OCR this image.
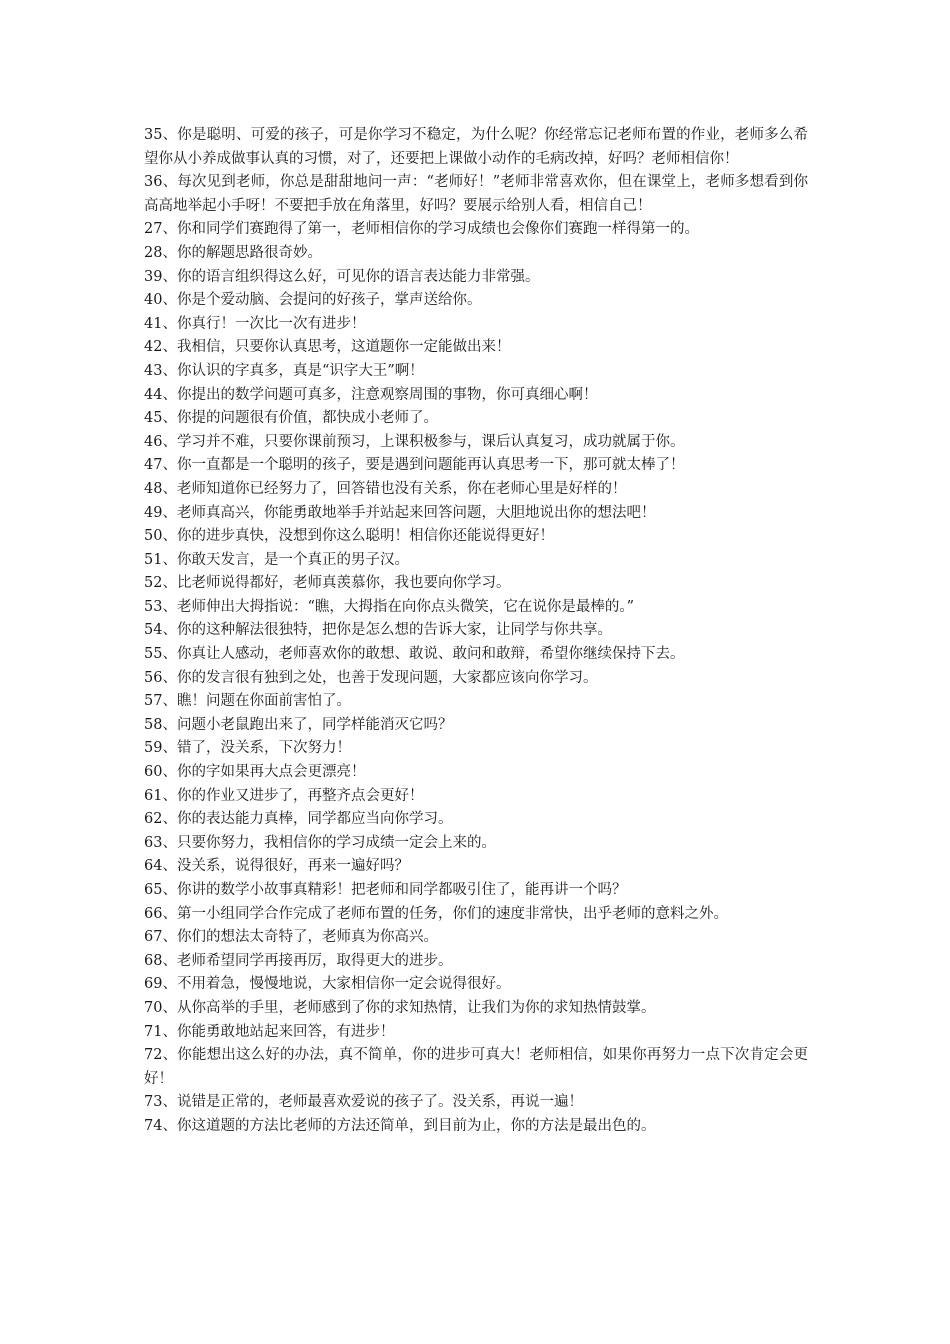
35、你是聪明、可爱的孩子，可是你学习不稳定，为什么呢？你经常忘记老师布置的作业，老师多么希望你从小养成做事认真的习惯，对了，还要把上课做小动作的毛病改掉，好吗？老师相信你！

36、每次见到老师，你总是甜甜地问一声：“老师好！”老师非常喜欢你，但在课堂上，老师多想看到你高高地举起小手呀！不要把手放在角落里，好吗？要展示给别人看，相信自己！

27、你和同学们赛跑得了第一，老师相信你的学习成绩也会像你们赛跑一样得第一的。

28、你的解题思路很奇妙。

39、你的语言组织得这么好，可见你的语言表达能力非常强。

40、你是个爱动脑、会提问的好孩子，掌声送给你。

41、你真行！一次比一次有进步！

42、我相信，只要你认真思考，这道题你一定能做出来！

43、你认识的字真多，真是“识字大王”啊！

44、你提出的数学问题可真多，注意观察周围的事物，你可真细心啊！

45、你提的问题很有价值，都快成小老师了。

46、学习并不难，只要你课前预习，上课积极参与，课后认真复习，成功就属于你。

47、你一直都是一个聪明的孩子，要是遇到问题能再认真思考一下，那可就太棒了！

48、老师知道你已经努力了，回答错也没有关系，你在老师心里是好样的！

49、老师真高兴，你能勇敢地举手并站起来回答问题，大胆地说出你的想法吧！

50、你的进步真快，没想到你这么聪明！相信你还能说得更好！

51、你敢天发言，是一个真正的男子汉。

52、比老师说得都好，老师真羡慕你，我也要向你学习。

53、老师伸出大拇指说：“瞧，大拇指在向你点头微笑，它在说你是最棒的。”

54、你的这种解法很独特，把你是怎么想的告诉大家，让同学与你共享。

55、你真让人感动，老师喜欢你的敢想、敢说、敢问和敢辩，希望你继续保持下去。

56、你的发言很有独到之处，也善于发现问题，大家都应该向你学习。

57、瞧！问题在你面前害怕了。

58、问题小老鼠跑出来了，同学样能消灭它吗？

59、错了，没关系，下次努力！

60、你的字如果再大点会更漂亮！

61、你的作业又进步了，再整齐点会更好！

62、你的表达能力真棒，同学都应当向你学习。

63、只要你努力，我相信你的学习成绩一定会上来的。

64、没关系，说得很好，再来一遍好吗？

65、你讲的数学小故事真精彩！把老师和同学都吸引住了，能再讲一个吗？

66、第一小组同学合作完成了老师布置的任务，你们的速度非常快，出乎老师的意料之外。

67、你们的想法太奇特了，老师真为你高兴。

68、老师希望同学再接再厉，取得更大的进步。

69、不用着急，慢慢地说，大家相信你一定会说得很好。

70、从你高举的手里，老师感到了你的求知热情，让我们为你的求知热情鼓掌。

71、你能勇敢地站起来回答，有进步！

72、你能想出这么好的办法，真不简单，你的进步可真大！老师相信，如果你再努力一点下次肯定会更好！

73、说错是正常的，老师最喜欢爱说的孩子了。没关系，再说一遍！

74、你这道题的方法比老师的方法还简单，到目前为止，你的方法是最出色的。
